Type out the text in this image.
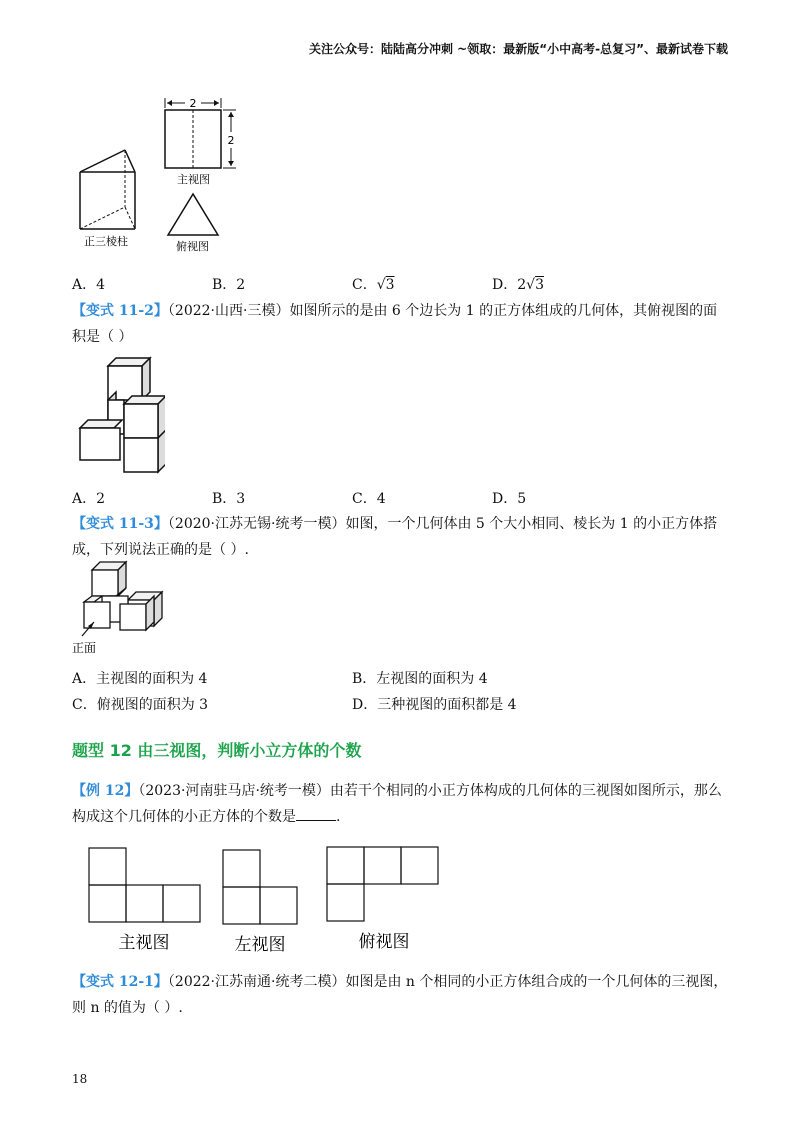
关注公众号：陆陆高分冲刺 ~领取：最新版“小中高考-总复习”、最新试卷下载
2
2
主视图
正三棱柱	俯视图
A．4	B．2	C．√3	D．2√3
【变式 11-2】（2022·山西·三模）如图所示的是由 6 个边长为 1 的正方体组成的几何体，其俯视图的面积是（ ）
A．2	B．3	C．4	D．5
【变式 11-3】（2020·江苏无锡·统考一模）如图，一个几何体由 5 个大小相同、棱长为 1 的小正方体搭成，下列说法正确的是（ ）.
正面
A．主视图的面积为 4	B．左视图的面积为 4
C．俯视图的面积为 3	D．三种视图的面积都是 4
题型 12 由三视图，判断小立方体的个数
【例 12】（2023·河南驻马店·统考一模）由若干个相同的小正方体构成的几何体的三视图如图所示，那么构成这个几何体的小正方体的个数是	.
主视图	左视图	俯视图
【变式 12-1】（2022·江苏南通·统考二模）如图是由 n 个相同的小正方体组合成的一个几何体的三视图，则 n 的值为（ ）.
18
